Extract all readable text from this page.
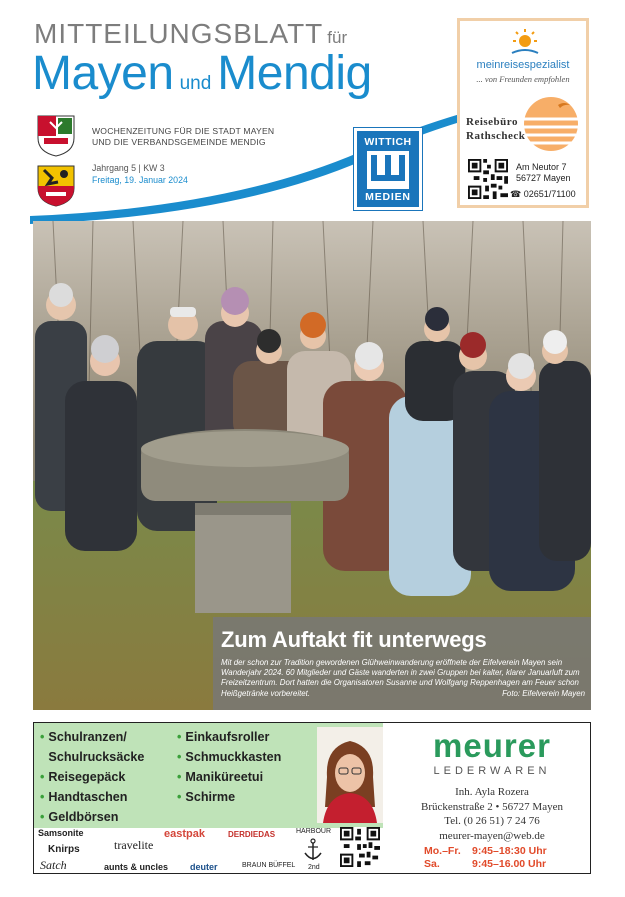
MITTEILUNGSBLATT für
Mayen und Mendig
WOCHENZEITUNG FÜR DIE STADT MAYEN
UND DIE VERBANDSGEMEINDE MENDIG
Jahrgang 5 | KW 3
Freitag, 19. Januar 2024
WITTICH
MEDIEN
meinreisespezialist
... von Freunden empfohlen
Reisebüro
Rathscheck
Am Neutor 7
56727 Mayen
☎ 02651/71100
Zum Auftakt fit unterwegs
Mit der schon zur Tradition gewordenen Glühweinwanderung eröffnete der Eifelverein Mayen sein Wanderjahr 2024. 60 Mitglieder und Gäste wanderten in zwei Gruppen bei kalter, klarer Januarluft zum Freizeitzentrum. Dort hatten die Organisatoren Susanne und Wolfgang Reppenhagen am Feuer schon Heißgetränke vorbereitet.	Foto: Eifelverein Mayen
• Schulranzen/
Schulrucksäcke
• Reisegepäck
• Handtaschen
• Geldbörsen
• Einkaufsroller
• Schmuckkasten
• Maniküreetui
• Schirme
Samsonite
travelite
eastpak	DERDIEDAS	HARBOUR
Knirps
deuter	BRAUN BÜFFEL 2nd
Satch	aunts & uncles
meurer
LEDERWAREN
Inh. Ayla Rozera
Brückenstraße 2 • 56727 Mayen
Tel. (0 26 51) 7 24 76
meurer-mayen@web.de
Mo.–Fr. 9:45–18:30 Uhr
Sa.	9:45–16.00 Uhr
